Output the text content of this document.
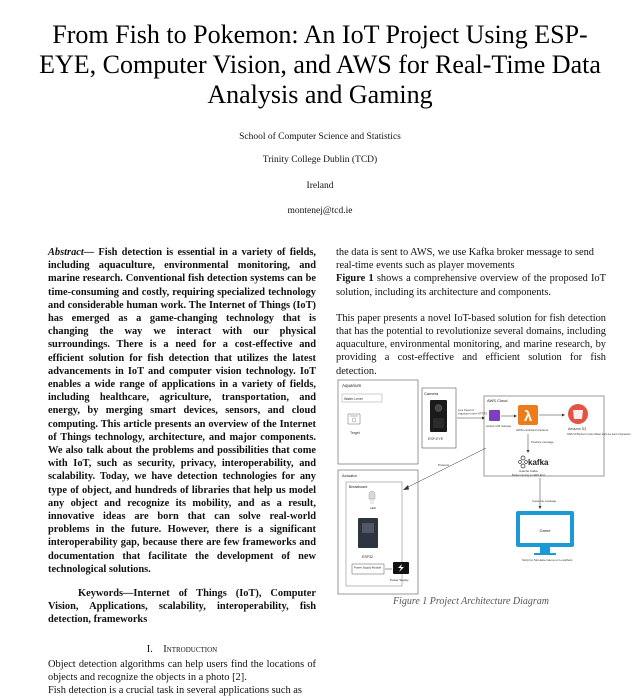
From Fish to Pokemon: An IoT Project Using ESP-EYE, Computer Vision, and AWS for Real-Time Data Analysis and Gaming
School of Computer Science and Statistics
Trinity College Dublin (TCD)
Ireland
montenej@tcd.ie

Abstract— Fish detection is essential in a variety of fields, including aquaculture, environmental monitoring, and marine research. Conventional fish detection systems can be time-consuming and costly, requiring specialized technology and considerable human work. The Internet of Things (IoT) has emerged as a game-changing technology that is changing the way we interact with our physical surroundings. There is a need for a cost-effective and efficient solution for fish detection that utilizes the latest advancements in IoT and computer vision technology. IoT enables a wide range of applications in a variety of fields, including healthcare, agriculture, transportation, and energy, by merging smart devices, sensors, and cloud computing. This article presents an overview of the Internet of Things technology, architecture, and major components. We also talk about the problems and possibilities that come with IoT, such as security, privacy, interoperability, and scalability. Today, we have detection technologies for any type of object, and hundreds of libraries that help us model any object and recognize its mobility, and as a result, innovative ideas are born that can solve real-world problems in the future. However, there is a significant interoperability gap, because there are few frameworks and documentation that facilitate the development of new technological solutions.

Keywords—Internet of Things (IoT), Computer Vision, Applications, scalability, interoperability, fish detection, frameworks

I. Introduction

Object detection algorithms can help users find the locations of objects and recognize the objects in a photo [2].

Fish detection is a crucial task in several applications such as

the data is sent to AWS, we use Kafka broker message to send real-time events such as player movements

Figure 1 shows a comprehensive overview of the proposed IoT solution, including its architecture and components.

This paper presents a novel IoT-based solution for fish detection that has the potential to revolutionize several domains, including aquaculture, environmental monitoring, and marine research, by providing a cost-effective and efficient solution for fish detection.

Aquarium
Water Level
Target
Camera
ESP-EYE
Live Feed of Aquarium over HTTPS
AWS Cloud
Amazon API Gateway
λ
AWS Lambda Functions	Amazon S3
AWS S3 Bucket to store Water and Live feed of Aquarium
Produce message
kafka
Apache Kafka
Broker running on AWS EC2
Protocol
Consume message
Game
Script to Simulate Game on Localhost
Actuator
Breadboard
LED
ESP32
Power Supply Module
Power Supply
Figure 1 Project Architecture Diagram
